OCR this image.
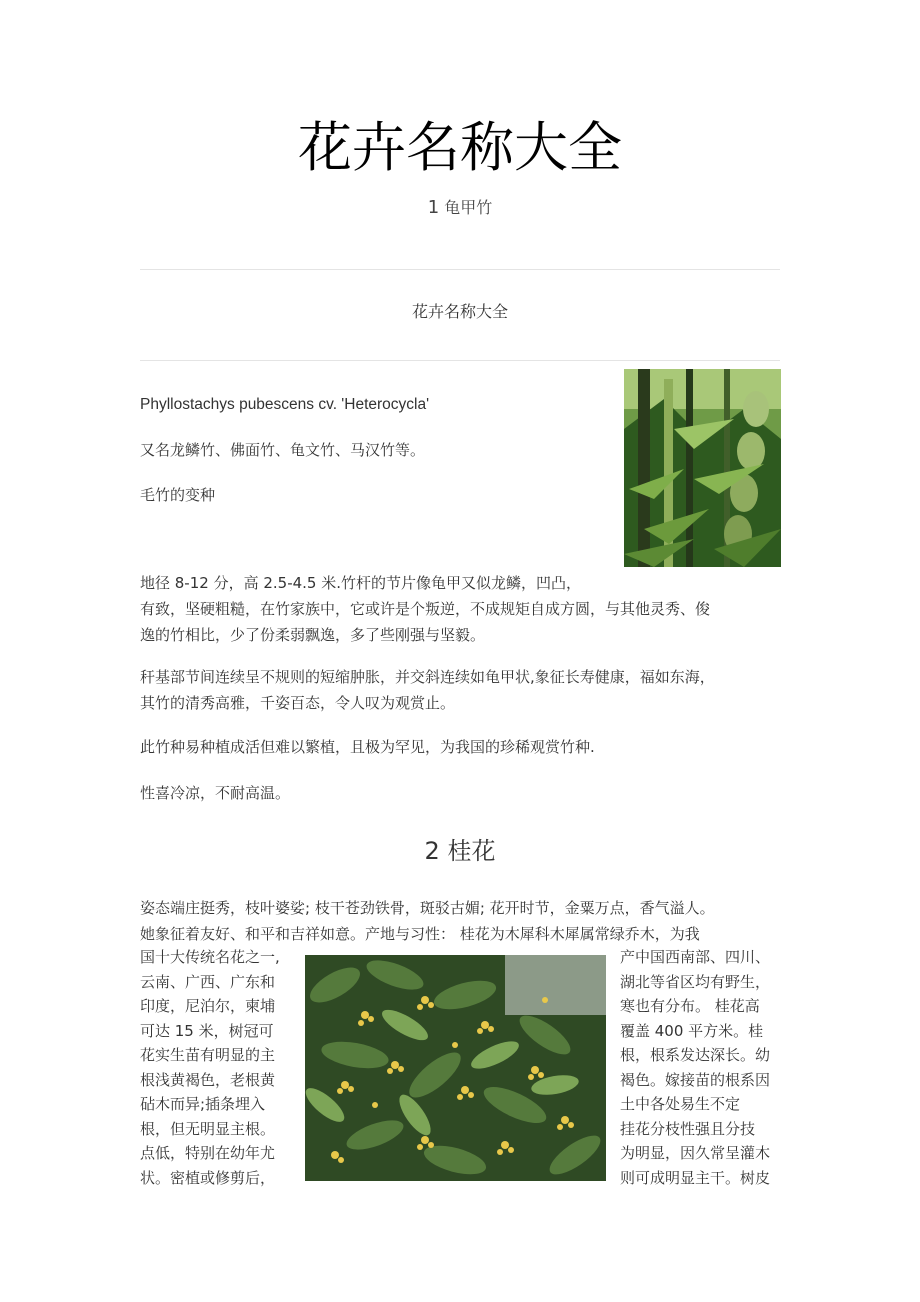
花卉名称大全
1 龟甲竹
花卉名称大全

Phyllostachys pubescens cv. 'Heterocycla'

又名龙鳞竹、佛面竹、龟文竹、马汉竹等。

毛竹的变种

地径 8-12 分，高 2.5-4.5 米.竹杆的节片像龟甲又似龙鳞，凹凸，
有致，坚硬粗糙，在竹家族中，它或许是个叛逆，不成规矩自成方圆，与其他灵秀、俊
逸的竹相比，少了份柔弱飘逸，多了些刚强与坚毅。
秆基部节间连续呈不规则的短缩肿胀，并交斜连续如龟甲状,象征长寿健康，福如东海，
其竹的清秀高雅，千姿百态，令人叹为观赏止。

此竹种易种植成活但难以繁植，且极为罕见，为我国的珍稀观赏竹种.

性喜冷凉，不耐高温。

2 桂花
姿态端庄挺秀，枝叶婆娑; 枝干苍劲铁骨，斑驳古媚; 花开时节，金粟万点，香气溢人。
她象征着友好、和平和吉祥如意。产地与习性： 桂花为木犀科木犀属常绿乔木，为我
国十大传统名花之一,
云南、广西、广东和
印度，尼泊尔，柬埔
可达 15 米，树冠可
花实生苗有明显的主
根浅黄褐色，老根黄
砧木而异;插条埋入
根，但无明显主根。
点低，特别在幼年尤
状。密植或修剪后，
产中国西南部、四川、
湖北等省区均有野生，
寒也有分布。 桂花高
覆盖 400 平方米。桂
根，根系发达深长。幼
褐色。嫁接苗的根系因
土中各处易生不定
挂花分枝性强且分技
为明显，因久常呈灌木
则可成明显主干。树皮
